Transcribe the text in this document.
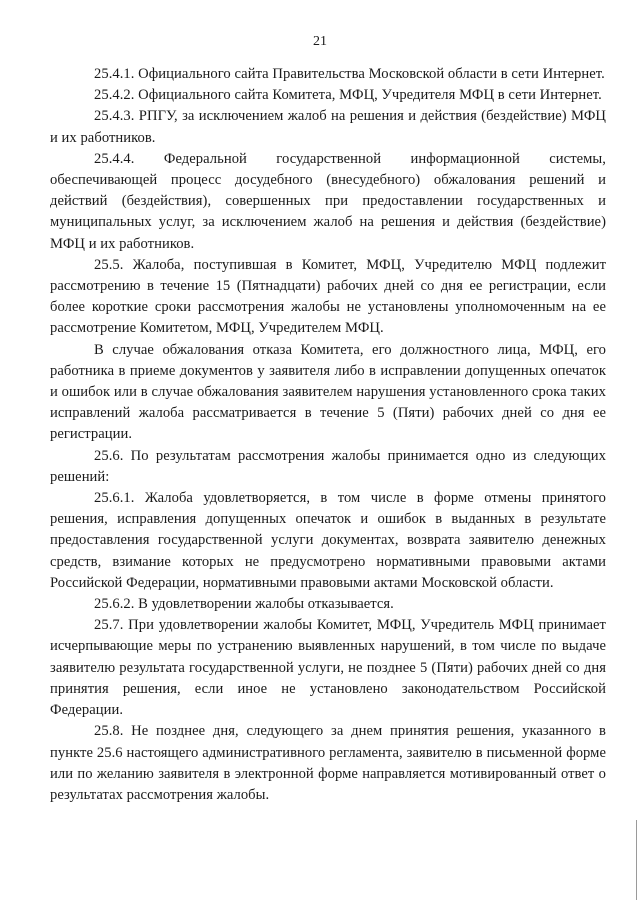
21

25.4.1. Официального сайта Правительства Московской области в сети Интернет.

25.4.2. Официального сайта Комитета, МФЦ, Учредителя МФЦ в сети Интернет.

25.4.3. РПГУ, за исключением жалоб на решения и действия (бездействие) МФЦ и их работников.

25.4.4. Федеральной государственной информационной системы, обеспечивающей процесс досудебного (внесудебного) обжалования решений и действий (бездействия), совершенных при предоставлении государственных и муниципальных услуг, за исключением жалоб на решения и действия (бездействие) МФЦ и их работников.

25.5. Жалоба, поступившая в Комитет, МФЦ, Учредителю МФЦ подлежит рассмотрению в течение 15 (Пятнадцати) рабочих дней со дня ее регистрации, если более короткие сроки рассмотрения жалобы не установлены уполномоченным на ее рассмотрение Комитетом, МФЦ, Учредителем МФЦ.

В случае обжалования отказа Комитета, его должностного лица, МФЦ, его работника в приеме документов у заявителя либо в исправлении допущенных опечаток и ошибок или в случае обжалования заявителем нарушения установленного срока таких исправлений жалоба рассматривается в течение 5 (Пяти) рабочих дней со дня ее регистрации.

25.6. По результатам рассмотрения жалобы принимается одно из следующих решений:

25.6.1. Жалоба удовлетворяется, в том числе в форме отмены принятого решения, исправления допущенных опечаток и ошибок в выданных в результате предоставления государственной услуги документах, возврата заявителю денежных средств, взимание которых не предусмотрено нормативными правовыми актами Российской Федерации, нормативными правовыми актами Московской области.

25.6.2. В удовлетворении жалобы отказывается.

25.7. При удовлетворении жалобы Комитет, МФЦ, Учредитель МФЦ принимает исчерпывающие меры по устранению выявленных нарушений, в том числе по выдаче заявителю результата государственной услуги, не позднее 5 (Пяти) рабочих дней со дня принятия решения, если иное не установлено законодательством Российской Федерации.

25.8. Не позднее дня, следующего за днем принятия решения, указанного в пункте 25.6 настоящего административного регламента, заявителю в письменной форме или по желанию заявителя в электронной форме направляется мотивированный ответ о результатах рассмотрения жалобы.
